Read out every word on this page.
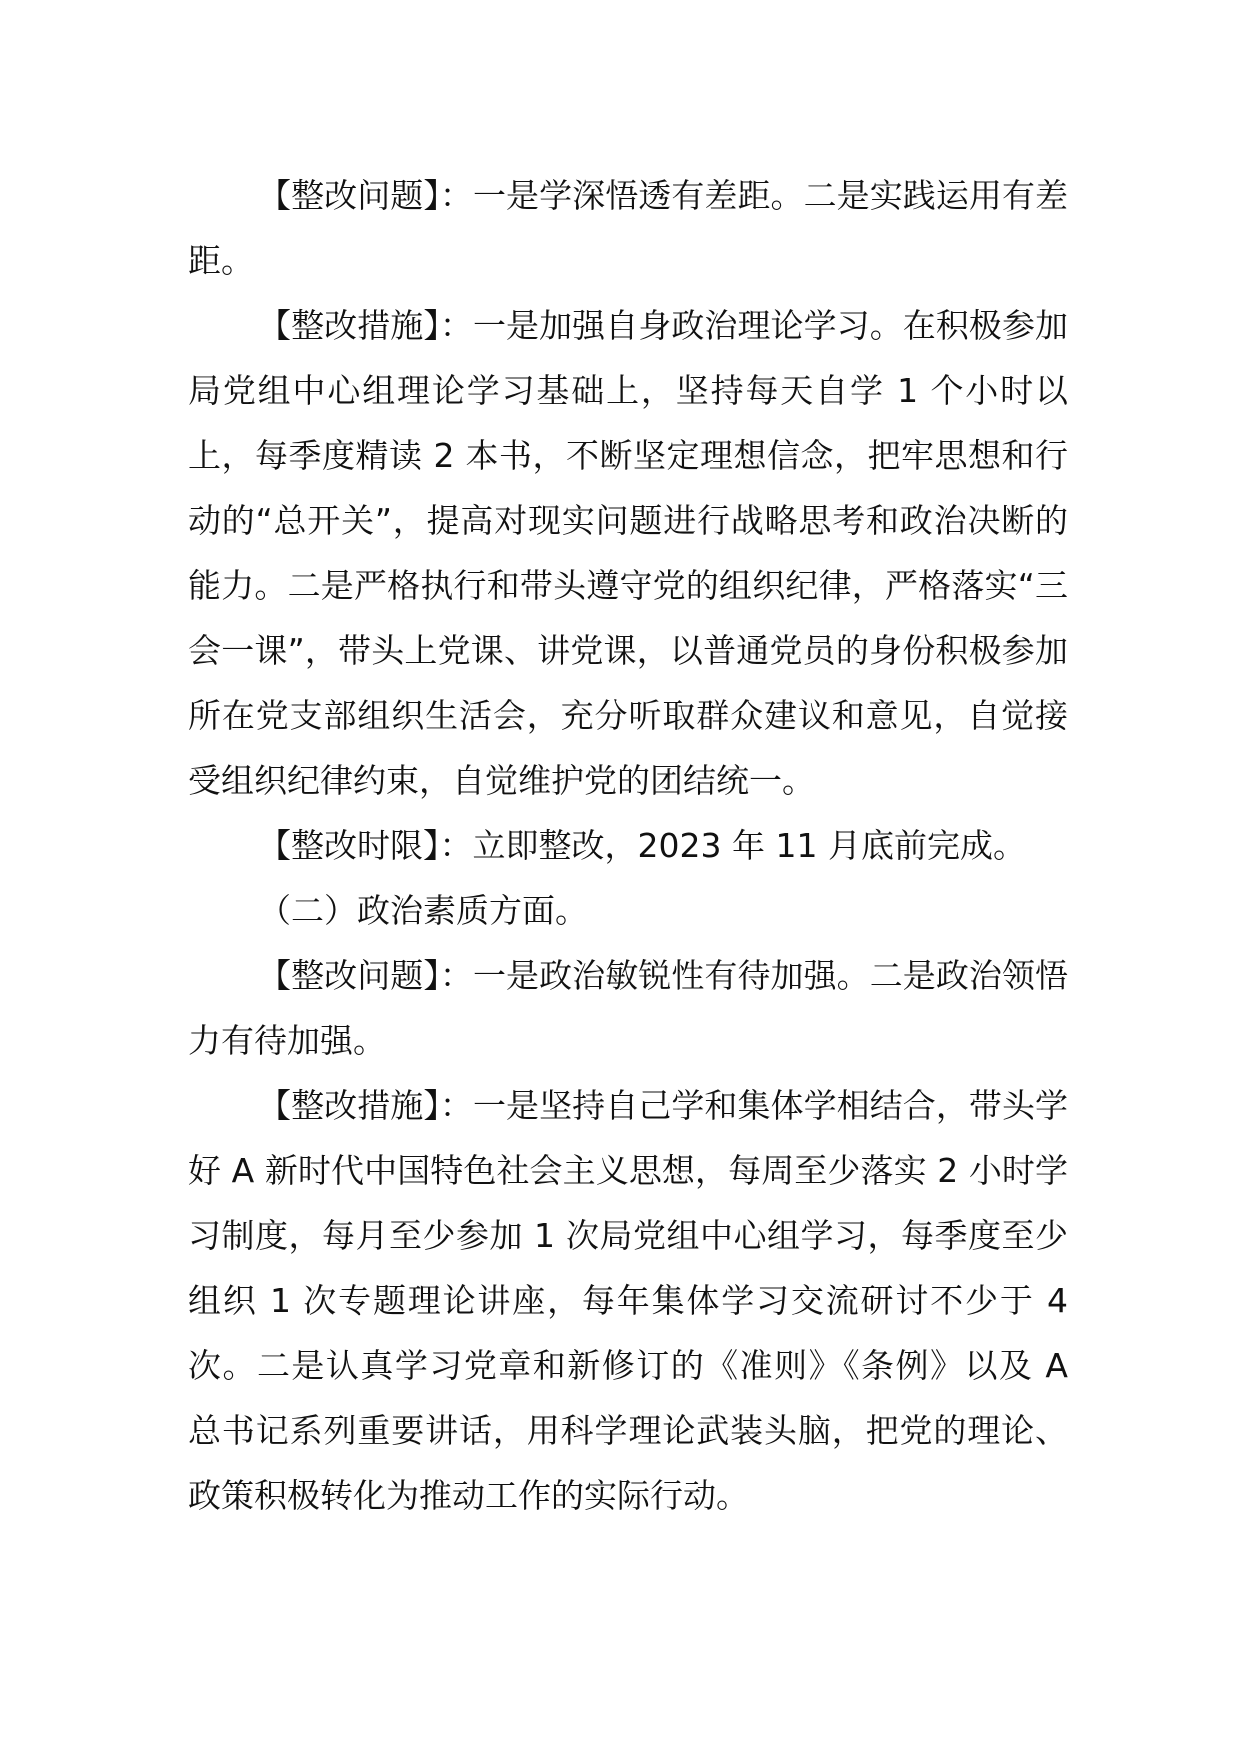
【整改问题】：一是学深悟透有差距。二是实践运用有差距。

【整改措施】：一是加强自身政治理论学习。在积极参加局党组中心组理论学习基础上，坚持每天自学 1 个小时以上，每季度精读 2 本书，不断坚定理想信念，把牢思想和行动的“总开关”，提高对现实问题进行战略思考和政治决断的能力。二是严格执行和带头遵守党的组织纪律，严格落实“三会一课”，带头上党课、讲党课，以普通党员的身份积极参加所在党支部组织生活会，充分听取群众建议和意见，自觉接受组织纪律约束，自觉维护党的团结统一。

【整改时限】：立即整改，2023 年 11 月底前完成。

（二）政治素质方面。

【整改问题】：一是政治敏锐性有待加强。二是政治领悟力有待加强。

【整改措施】：一是坚持自己学和集体学相结合，带头学好 A 新时代中国特色社会主义思想，每周至少落实 2 小时学习制度，每月至少参加 1 次局党组中心组学习，每季度至少组织 1 次专题理论讲座，每年集体学习交流研讨不少于 4 次。二是认真学习党章和新修订的《准则》《条例》以及 A 总书记系列重要讲话，用科学理论武装头脑，把党的理论、政策积极转化为推动工作的实际行动。
